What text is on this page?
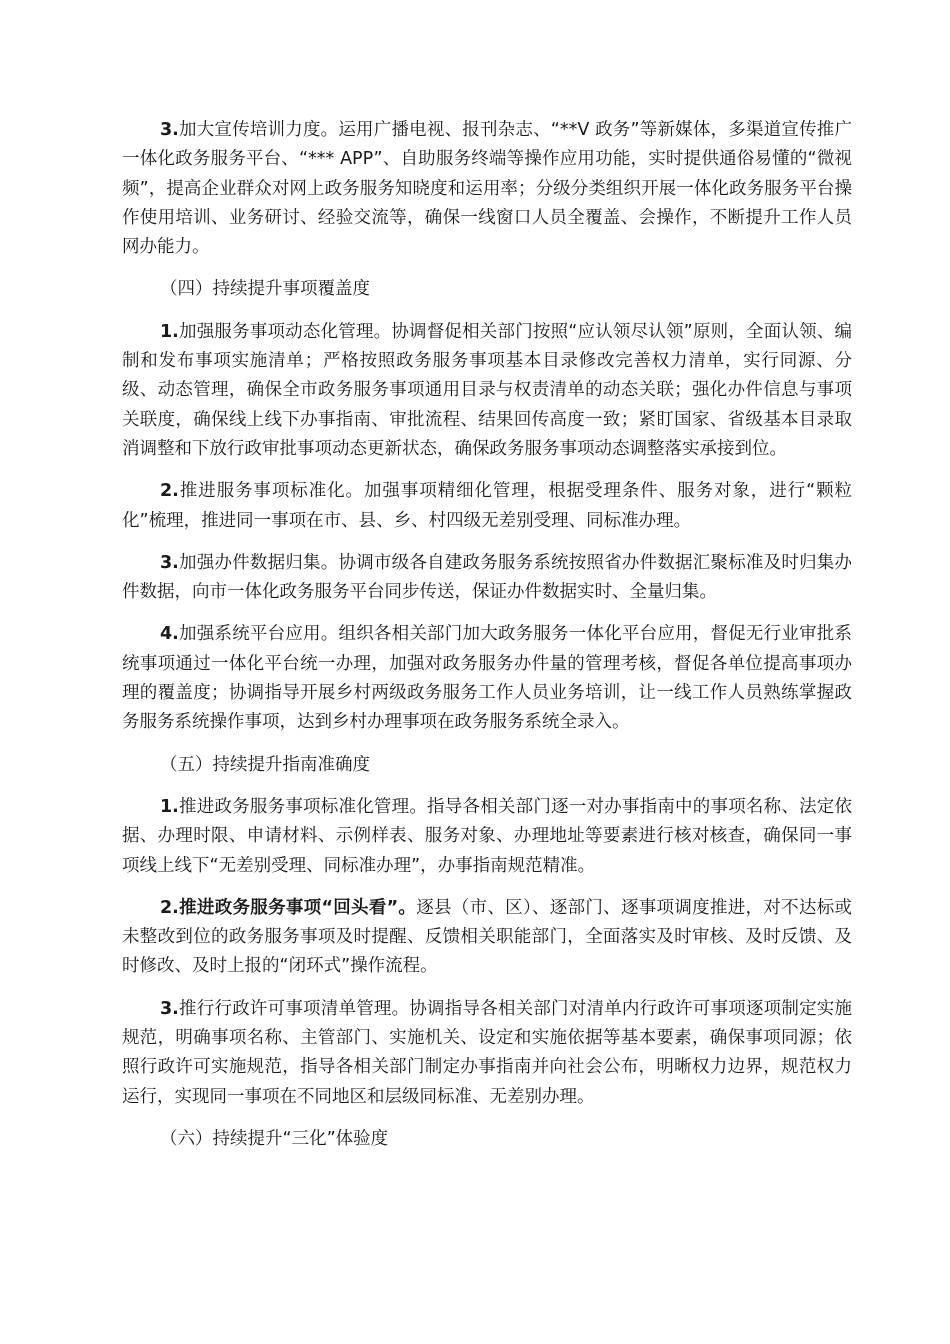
3.加大宣传培训力度。运用广播电视、报刊杂志、“**V 政务”等新媒体，多渠道宣传推广一体化政务服务平台、“*** APP”、自助服务终端等操作应用功能，实时提供通俗易懂的“微视频”，提高企业群众对网上政务服务知晓度和运用率；分级分类组织开展一体化政务服务平台操作使用培训、业务研讨、经验交流等，确保一线窗口人员全覆盖、会操作，不断提升工作人员网办能力。

（四）持续提升事项覆盖度

1.加强服务事项动态化管理。协调督促相关部门按照“应认领尽认领”原则，全面认领、编制和发布事项实施清单；严格按照政务服务事项基本目录修改完善权力清单，实行同源、分级、动态管理，确保全市政务服务事项通用目录与权责清单的动态关联；强化办件信息与事项关联度，确保线上线下办事指南、审批流程、结果回传高度一致；紧盯国家、省级基本目录取消调整和下放行政审批事项动态更新状态，确保政务服务事项动态调整落实承接到位。

2.推进服务事项标准化。加强事项精细化管理，根据受理条件、服务对象，进行“颗粒化”梳理，推进同一事项在市、县、乡、村四级无差别受理、同标准办理。

3.加强办件数据归集。协调市级各自建政务服务系统按照省办件数据汇聚标准及时归集办件数据，向市一体化政务服务平台同步传送，保证办件数据实时、全量归集。

4.加强系统平台应用。组织各相关部门加大政务服务一体化平台应用，督促无行业审批系统事项通过一体化平台统一办理，加强对政务服务办件量的管理考核，督促各单位提高事项办理的覆盖度；协调指导开展乡村两级政务服务工作人员业务培训，让一线工作人员熟练掌握政务服务系统操作事项，达到乡村办理事项在政务服务系统全录入。

（五）持续提升指南准确度

1.推进政务服务事项标准化管理。指导各相关部门逐一对办事指南中的事项名称、法定依据、办理时限、申请材料、示例样表、服务对象、办理地址等要素进行核对核查，确保同一事项线上线下“无差别受理、同标准办理”，办事指南规范精准。

2.推进政务服务事项“回头看”。逐县（市、区）、逐部门、逐事项调度推进，对不达标或未整改到位的政务服务事项及时提醒、反馈相关职能部门，全面落实及时审核、及时反馈、及时修改、及时上报的“闭环式”操作流程。

3.推行行政许可事项清单管理。协调指导各相关部门对清单内行政许可事项逐项制定实施规范，明确事项名称、主管部门、实施机关、设定和实施依据等基本要素，确保事项同源；依照行政许可实施规范，指导各相关部门制定办事指南并向社会公布，明晰权力边界，规范权力运行，实现同一事项在不同地区和层级同标准、无差别办理。

（六）持续提升“三化”体验度
